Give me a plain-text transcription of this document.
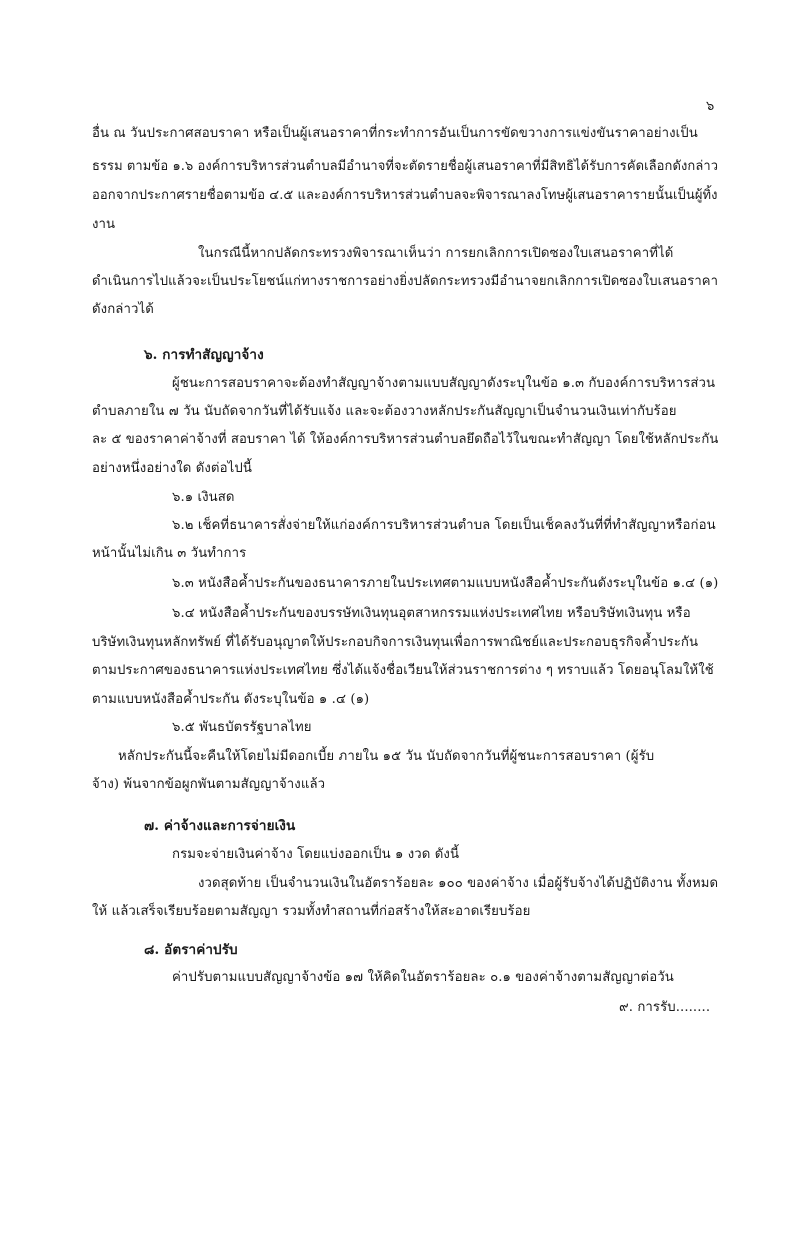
๖
อื่น ณ วันประกาศสอบราคา หรือเป็นผู้เสนอราคาที่กระทำการอันเป็นการขัดขวางการแข่งขันราคาอย่างเป็น
ธรรม ตามข้อ ๑.๖ องค์การบริหารส่วนตำบลมีอำนาจที่จะตัดรายชื่อผู้เสนอราคาที่มีสิทธิได้รับการคัดเลือกดังกล่าว
ออกจากประกาศรายชื่อตามข้อ ๔.๕ และองค์การบริหารส่วนตำบลจะพิจารณาลงโทษผู้เสนอราคารายนั้นเป็นผู้ทิ้ง
งาน
ในกรณีนี้หากปลัดกระทรวงพิจารณาเห็นว่า การยกเลิกการเปิดซองใบเสนอราคาที่ได้
ดำเนินการไปแล้วจะเป็นประโยชน์แก่ทางราชการอย่างยิ่งปลัดกระทรวงมีอำนาจยกเลิกการเปิดซองใบเสนอราคา
ดังกล่าวได้
๖. การทำสัญญาจ้าง
ผู้ชนะการสอบราคาจะต้องทำสัญญาจ้างตามแบบสัญญาดังระบุในข้อ ๑.๓ กับองค์การบริหารส่วน
ตำบลภายใน ๗ วัน นับถัดจากวันที่ได้รับแจ้ง และจะต้องวางหลักประกันสัญญาเป็นจำนวนเงินเท่ากับร้อย
ละ ๕ ของราคาค่าจ้างที่ สอบราคา ได้ ให้องค์การบริหารส่วนตำบลยึดถือไว้ในขณะทำสัญญา โดยใช้หลักประกัน
อย่างหนึ่งอย่างใด ดังต่อไปนี้
๖.๑ เงินสด
๖.๒ เช็คที่ธนาคารสั่งจ่ายให้แก่องค์การบริหารส่วนตำบล โดยเป็นเช็คลงวันที่ที่ทำสัญญาหรือก่อน
หน้านั้นไม่เกิน ๓ วันทำการ
๖.๓ หนังสือค้ำประกันของธนาคารภายในประเทศตามแบบหนังสือค้ำประกันดังระบุในข้อ ๑.๔ (๑)
๖.๔ หนังสือค้ำประกันของบรรษัทเงินทุนอุตสาหกรรมแห่งประเทศไทย หรือบริษัทเงินทุน หรือ
บริษัทเงินทุนหลักทรัพย์ ที่ได้รับอนุญาตให้ประกอบกิจการเงินทุนเพื่อการพาณิชย์และประกอบธุรกิจค้ำประกัน
ตามประกาศของธนาคารแห่งประเทศไทย ซึ่งได้แจ้งชื่อเวียนให้ส่วนราชการต่าง ๆ ทราบแล้ว โดยอนุโลมให้ใช้
ตามแบบหนังสือค้ำประกัน ดังระบุในข้อ ๑ .๔ (๑)
๖.๕ พันธบัตรรัฐบาลไทย
หลักประกันนี้จะคืนให้โดยไม่มีดอกเบี้ย ภายใน ๑๕ วัน นับถัดจากวันที่ผู้ชนะการสอบราคา (ผู้รับ
จ้าง) พ้นจากข้อผูกพันตามสัญญาจ้างแล้ว
๗. ค่าจ้างและการจ่ายเงิน
กรมจะจ่ายเงินค่าจ้าง โดยแบ่งออกเป็น ๑ งวด ดังนี้
งวดสุดท้าย เป็นจำนวนเงินในอัตราร้อยละ ๑๐๐ ของค่าจ้าง เมื่อผู้รับจ้างได้ปฏิบัติงาน ทั้งหมด
ให้ แล้วเสร็จเรียบร้อยตามสัญญา รวมทั้งทำสถานที่ก่อสร้างให้สะอาดเรียบร้อย
๘. อัตราค่าปรับ
ค่าปรับตามแบบสัญญาจ้างข้อ ๑๗ ให้คิดในอัตราร้อยละ ๐.๑ ของค่าจ้างตามสัญญาต่อวัน
๙. การรับ........
